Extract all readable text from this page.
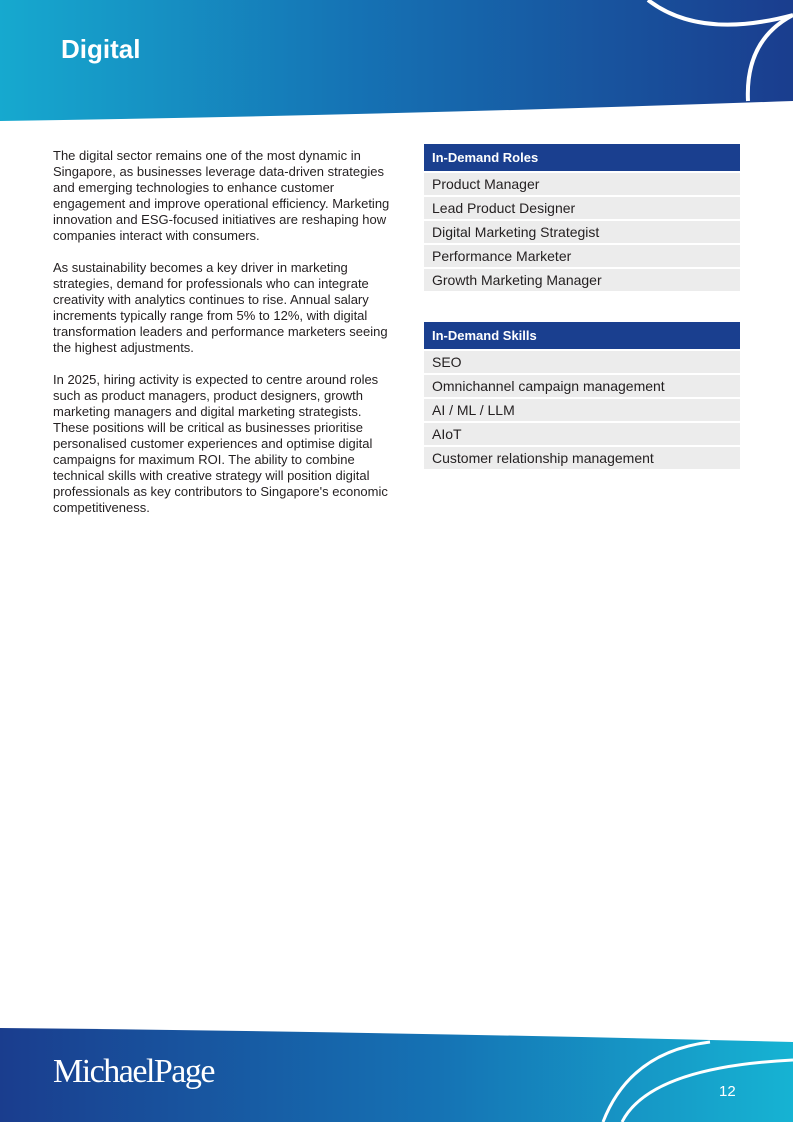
Digital

The digital sector remains one of the most dynamic in Singapore, as businesses leverage data-driven strategies and emerging technologies to enhance customer engagement and improve operational efficiency. Marketing innovation and ESG-focused initiatives are reshaping how companies interact with consumers.

As sustainability becomes a key driver in marketing strategies, demand for professionals who can integrate creativity with analytics continues to rise. Annual salary increments typically range from 5% to 12%, with digital transformation leaders and performance marketers seeing the highest adjustments.

In 2025, hiring activity is expected to centre around roles such as product managers, product designers, growth marketing managers and digital marketing strategists. These positions will be critical as businesses prioritise personalised customer experiences and optimise digital campaigns for maximum ROI. The ability to combine technical skills with creative strategy will position digital professionals as key contributors to Singapore's economic competitiveness.

In-Demand Roles
Product Manager
Lead Product Designer
Digital Marketing Strategist
Performance Marketer
Growth Marketing Manager
In-Demand Skills
SEO
Omnichannel campaign management
AI / ML / LLM
AIoT
Customer relationship management
MichaelPage
12
